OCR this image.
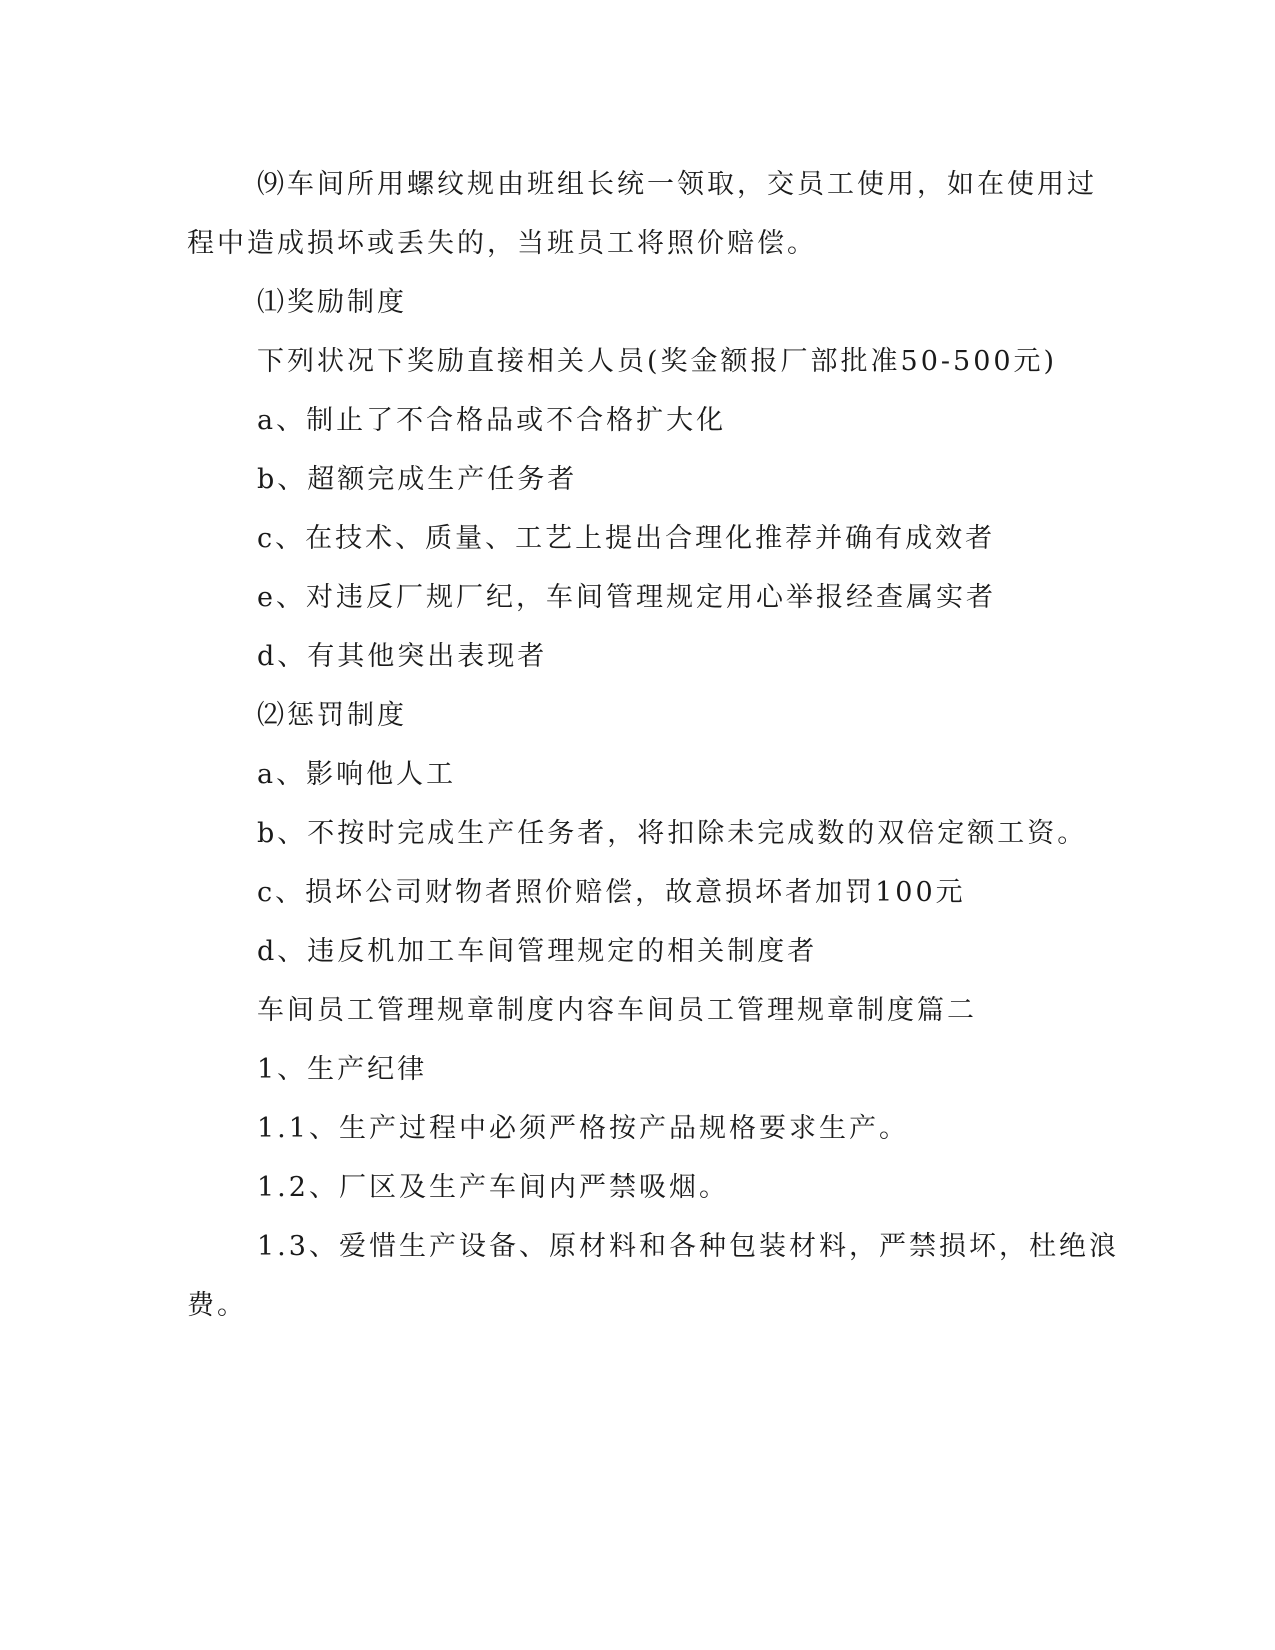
⑼车间所用螺纹规由班组长统一领取，交员工使用，如在使用过
程中造成损坏或丢失的，当班员工将照价赔偿。
⑴奖励制度
下列状况下奖励直接相关人员(奖金额报厂部批准50-500元)
a、制止了不合格品或不合格扩大化
b、超额完成生产任务者
c、在技术、质量、工艺上提出合理化推荐并确有成效者
e、对违反厂规厂纪，车间管理规定用心举报经查属实者
d、有其他突出表现者
⑵惩罚制度
a、影响他人工
b、不按时完成生产任务者，将扣除未完成数的双倍定额工资。
c、损坏公司财物者照价赔偿，故意损坏者加罚100元
d、违反机加工车间管理规定的相关制度者
车间员工管理规章制度内容车间员工管理规章制度篇二
1、生产纪律
1.1、生产过程中必须严格按产品规格要求生产。
1.2、厂区及生产车间内严禁吸烟。
1.3、爱惜生产设备、原材料和各种包装材料，严禁损坏，杜绝浪
费。
